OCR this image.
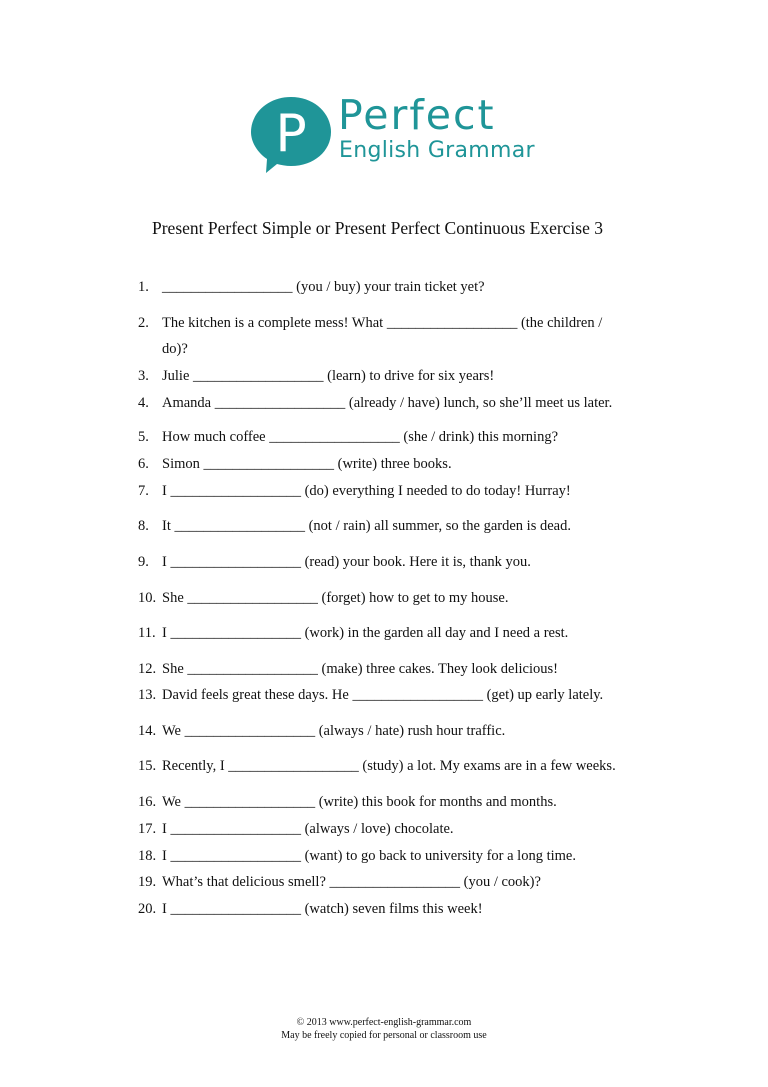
P Perfect
English Grammar
Present Perfect Simple or Present Perfect Continuous Exercise 3
1. __________________ (you / buy) your train ticket yet?
2. The kitchen is a complete mess! What __________________ (the children /
do)?
3. Julie __________________ (learn) to drive for six years!
4. Amanda __________________ (already / have) lunch, so she’ll meet us later.
5. How much coffee __________________ (she / drink) this morning?
6. Simon __________________ (write) three books.
7. I __________________ (do) everything I needed to do today! Hurray!
8. It __________________ (not / rain) all summer, so the garden is dead.
9. I __________________ (read) your book. Here it is, thank you.
10. She __________________ (forget) how to get to my house.
11. I __________________ (work) in the garden all day and I need a rest.
12. She __________________ (make) three cakes. They look delicious!
13. David feels great these days. He __________________ (get) up early lately.
14. We __________________ (always / hate) rush hour traffic.
15. Recently, I __________________ (study) a lot. My exams are in a few weeks.
16. We __________________ (write) this book for months and months.
17. I __________________ (always / love) chocolate.
18. I __________________ (want) to go back to university for a long time.
19. What’s that delicious smell? __________________ (you / cook)?
20. I __________________ (watch) seven films this week!
© 2013 www.perfect-english-grammar.com
May be freely copied for personal or classroom use
